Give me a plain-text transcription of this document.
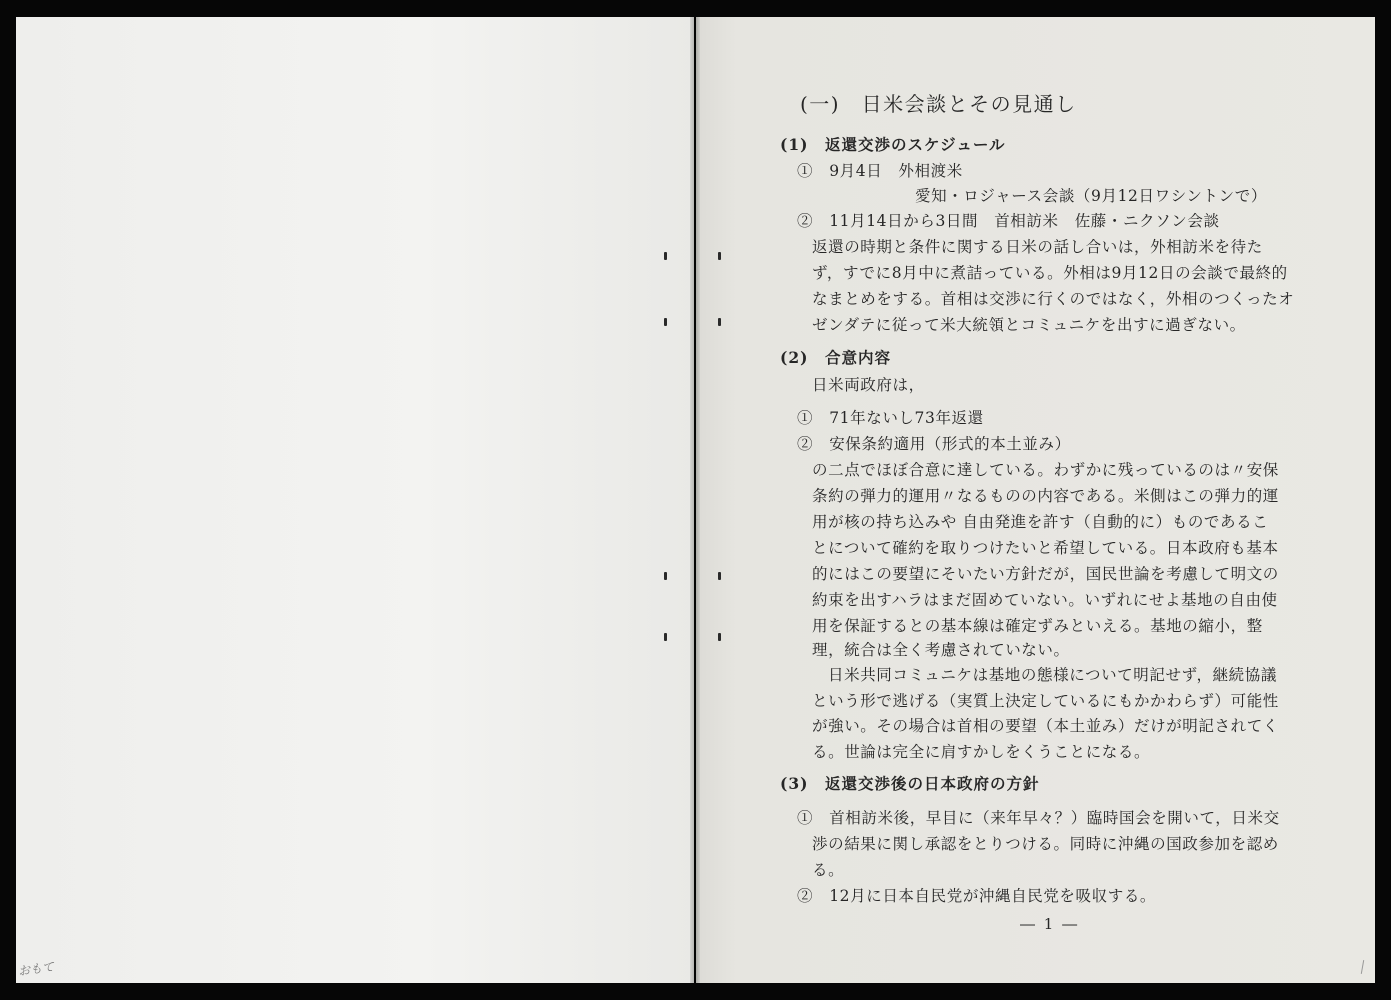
おもて
(一)　日米会談とその見通し
(1)　返還交渉のスケジュール
①　9月4日　外相渡米
愛知・ロジャース会談（9月12日ワシントンで）
②　11月14日から3日間　首相訪米　佐藤・ニクソン会談
返還の時期と条件に関する日米の話し合いは，外相訪米を待た
ず，すでに8月中に煮詰っている。外相は9月12日の会談で最終的
なまとめをする。首相は交渉に行くのではなく，外相のつくったオ
ゼンダテに従って米大統領とコミュニケを出すに過ぎない。
(2)　合意内容
日米両政府は，
①　71年ないし73年返還
②　安保条約適用（形式的本土並み）
の二点でほぼ合意に達している。わずかに残っているのは〃安保
条約の弾力的運用〃なるものの内容である。米側はこの弾力的運
用が核の持ち込みや 自由発進を許す（自動的に）ものであるこ
とについて確約を取りつけたいと希望している。日本政府も基本
的にはこの要望にそいたい方針だが，国民世論を考慮して明文の
約束を出すハラはまだ固めていない。いずれにせよ基地の自由使
用を保証するとの基本線は確定ずみといえる。基地の縮小，整
理，統合は全く考慮されていない。
日米共同コミュニケは基地の態様について明記せず，継続協議
という形で逃げる（実質上決定しているにもかかわらず）可能性
が強い。その場合は首相の要望（本土並み）だけが明記されてく
る。世論は完全に肩すかしをくうことになる。
(3)　返還交渉後の日本政府の方針
①　首相訪米後，早目に（来年早々？）臨時国会を開いて，日米交
渉の結果に関し承認をとりつける。同時に沖縄の国政参加を認め
る。
②　12月に日本自民党が沖縄自民党を吸収する。
― 1 ―
